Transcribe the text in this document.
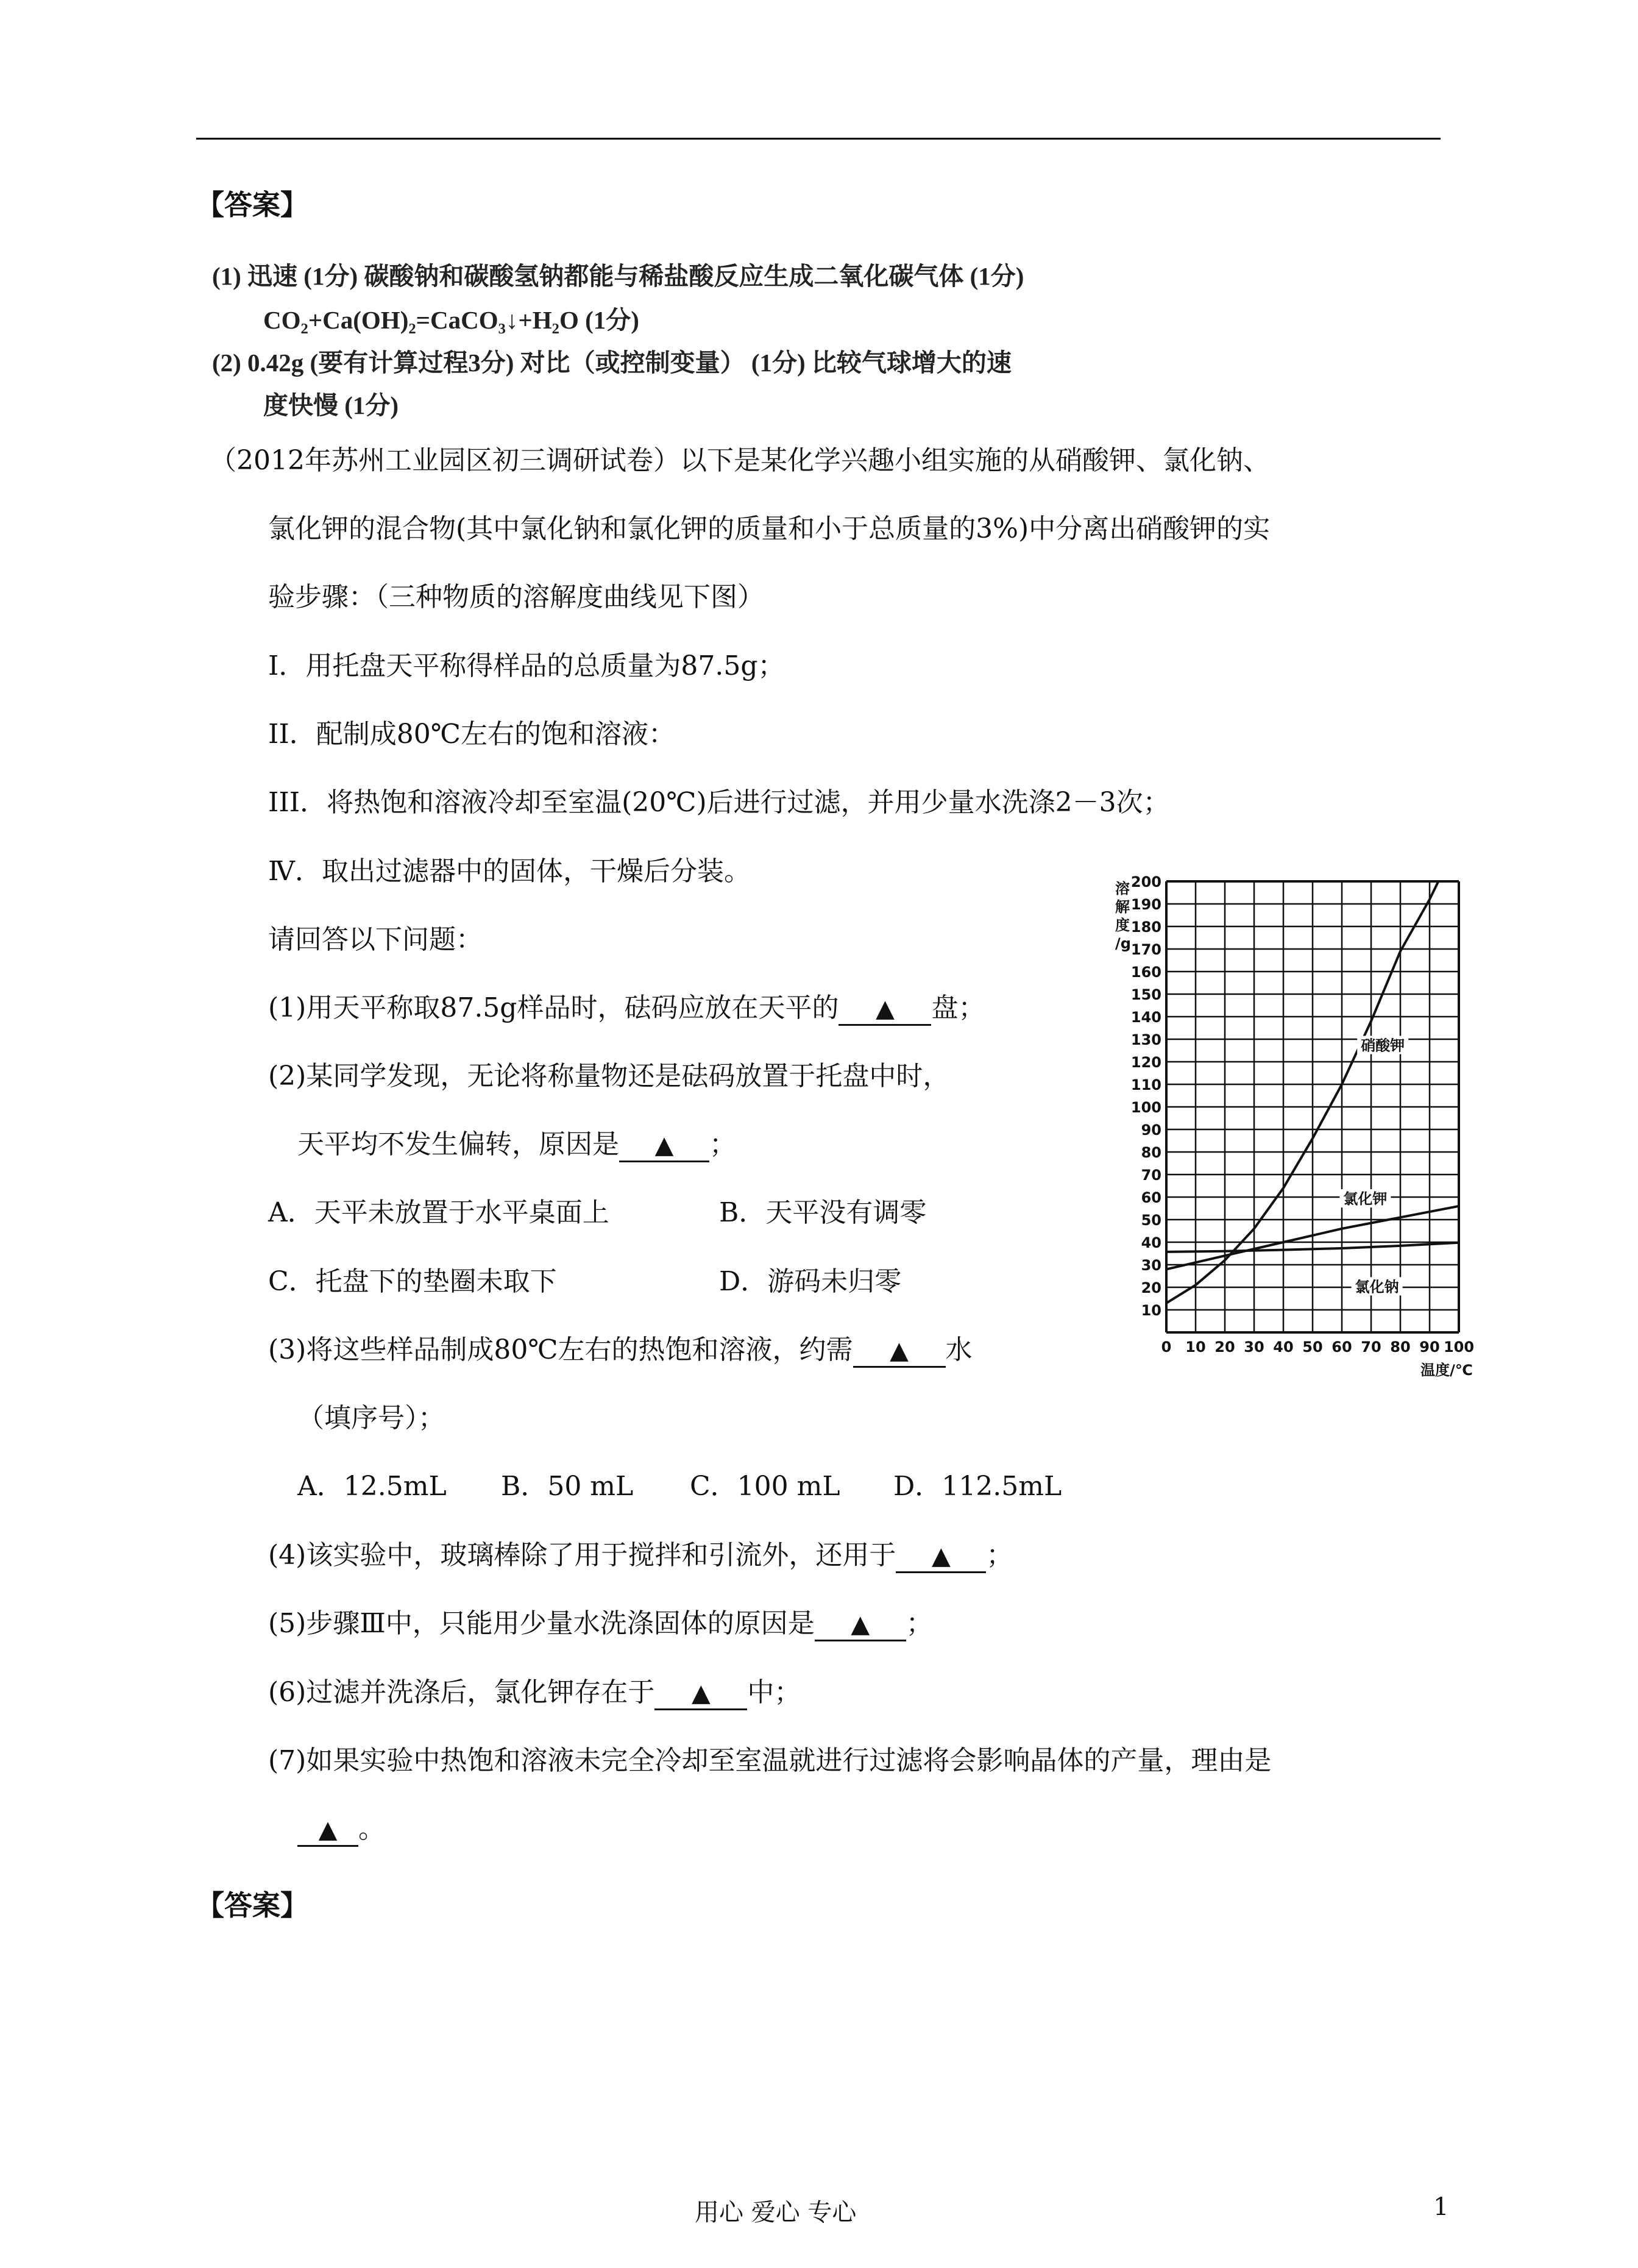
【答案】
(1) 迅速 (1分) 碳酸钠和碳酸氢钠都能与稀盐酸反应生成二氧化碳气体 (1分)
CO₂+Ca(OH)₂=CaCO₃↓+H₂O (1分)
(2) 0.42g (要有计算过程3分) 对比（或控制变量） (1分) 比较气球增大的速
度快慢 (1分)
（2012年苏州工业园区初三调研试卷）以下是某化学兴趣小组实施的从硝酸钾、氯化钠、
氯化钾的混合物(其中氯化钠和氯化钾的质量和小于总质量的3%)中分离出硝酸钾的实
验步骤：（三种物质的溶解度曲线见下图）
I．用托盘天平称得样品的总质量为87.5g；
II．配制成80℃左右的饱和溶液：
III．将热饱和溶液冷却至室温(20℃)后进行过滤，并用少量水洗涤2－3次；
Ⅳ．取出过滤器中的固体，干燥后分装。
请回答以下问题：
(1)用天平称取87.5g样品时，砝码应放在天平的 ▲ 盘；
(2)某同学发现，无论将称量物还是砝码放置于托盘中时，
天平均不发生偏转，原因是 ▲ ；
A．天平未放置于水平桌面上	B．天平没有调零
C．托盘下的垫圈未取下	D．游码未归零
(3)将这些样品制成80℃左右的热饱和溶液，约需 ▲ 水
（填序号）；
A．12.5mL B．50 mL C．100 mL D．112.5mL
(4)该实验中，玻璃棒除了用于搅拌和引流外，还用于 ▲ ；
(5)步骤Ⅲ中，只能用少量水洗涤固体的原因是 ▲ ；
(6)过滤并洗涤后，氯化钾存在于 ▲ 中；
(7)如果实验中热饱和溶液未完全冷却至室温就进行过滤将会影响晶体的产量，理由是
▲ 。
【答案】
10
20
30
40
50
60
70
80
90
100
110
120
130
140
150
160
170
180
190
200
0 10 20 30 40 50 60 70 80 90 100
溶
解
度
/g
温度/℃
硝酸钾
氯化钾
氯化钠
用心 爱心 专心	1
